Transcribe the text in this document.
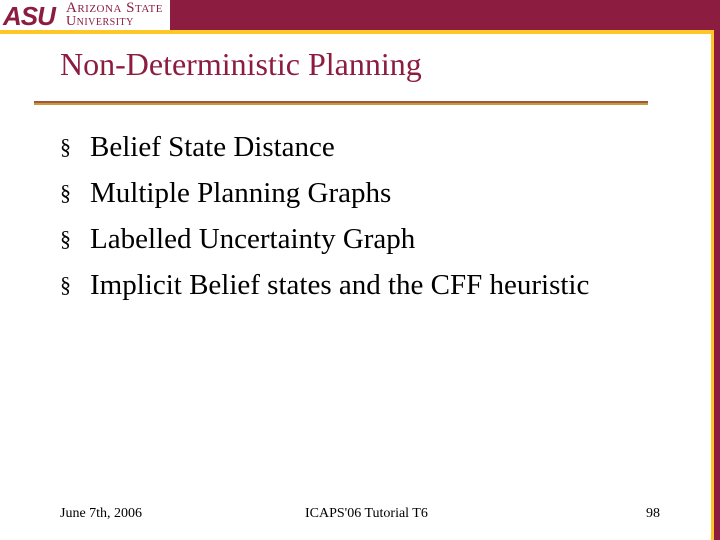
ASU Arizona State
University
Non-Deterministic Planning
§ Belief State Distance
§ Multiple Planning Graphs
§ Labelled Uncertainty Graph
§ Implicit Belief states and the CFF heuristic
June 7th, 2006	ICAPS'06 Tutorial T6	98
